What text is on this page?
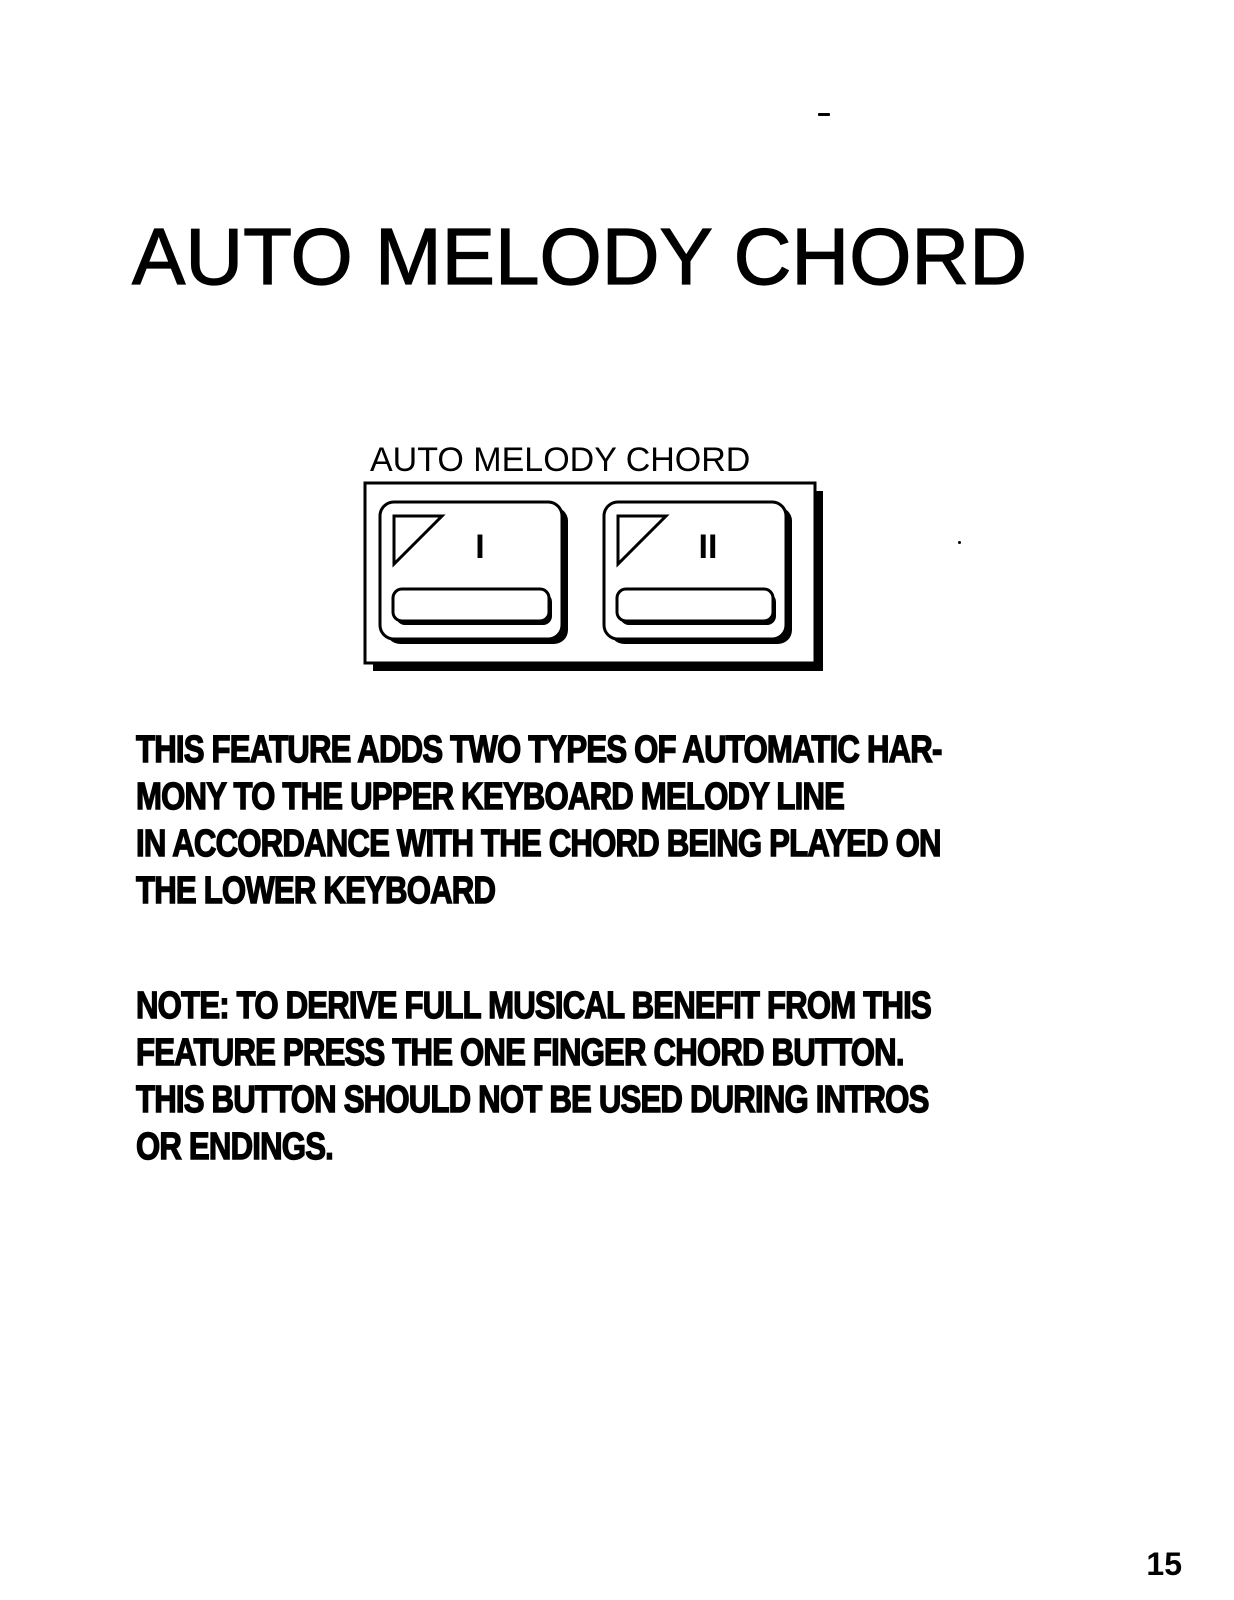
AUTO MELODY CHORD
AUTO MELODY CHORD
I	II

THIS FEATURE ADDS TWO TYPES OF AUTOMATIC HAR-
MONY TO THE UPPER KEYBOARD MELODY LINE
IN ACCORDANCE WITH THE CHORD BEING PLAYED ON
THE LOWER KEYBOARD

NOTE: TO DERIVE FULL MUSICAL BENEFIT FROM THIS
FEATURE PRESS THE ONE FINGER CHORD BUTTON.
THIS BUTTON SHOULD NOT BE USED DURING INTROS
OR ENDINGS.

15
